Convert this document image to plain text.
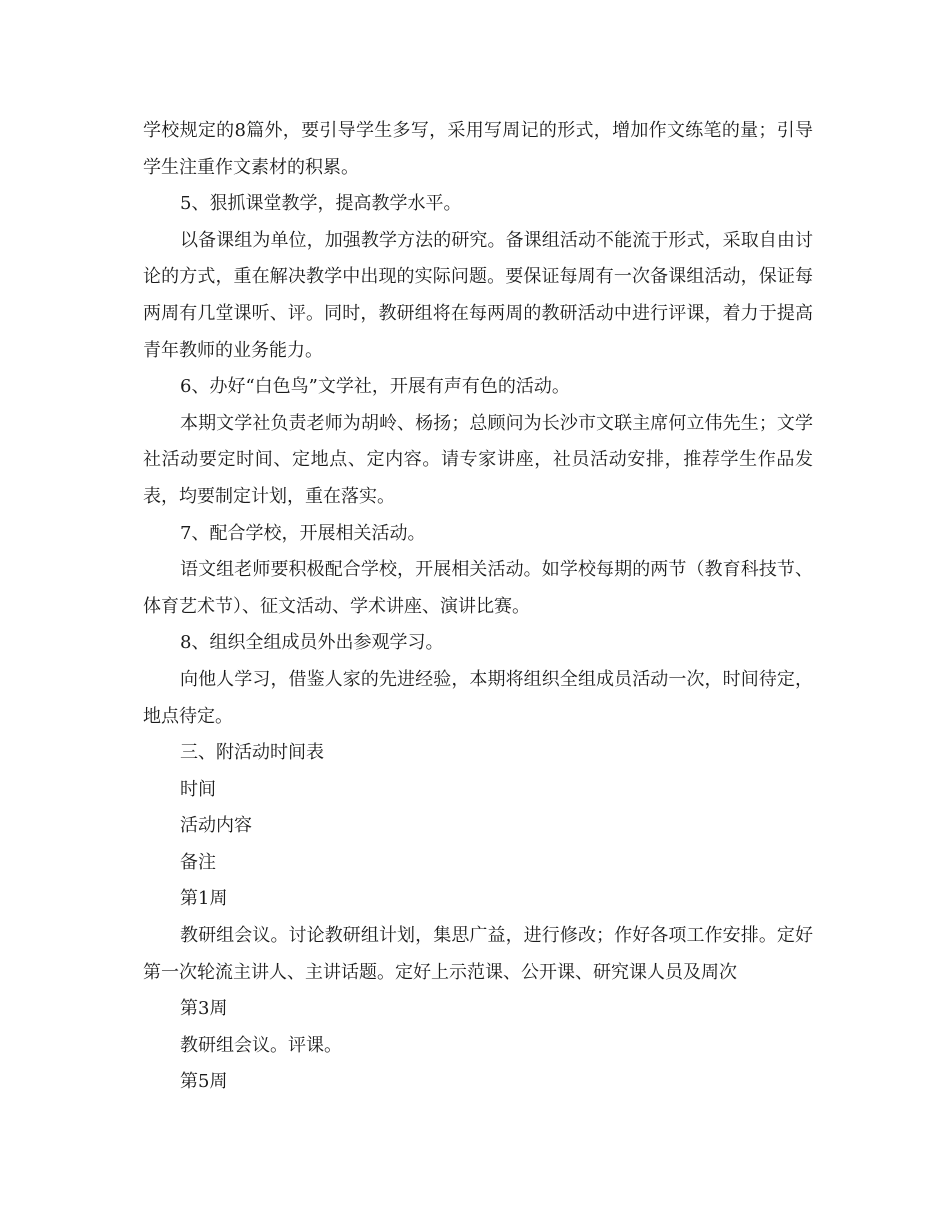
学校规定的8篇外，要引导学生多写，采用写周记的形式，增加作文练笔的量；引导学生注重作文素材的积累。

5、狠抓课堂教学，提高教学水平。

以备课组为单位，加强教学方法的研究。备课组活动不能流于形式，采取自由讨论的方式，重在解决教学中出现的实际问题。要保证每周有一次备课组活动，保证每两周有几堂课听、评。同时，教研组将在每两周的教研活动中进行评课，着力于提高青年教师的业务能力。

6、办好“白色鸟”文学社，开展有声有色的活动。

本期文学社负责老师为胡岭、杨扬；总顾问为长沙市文联主席何立伟先生；文学社活动要定时间、定地点、定内容。请专家讲座，社员活动安排，推荐学生作品发表，均要制定计划，重在落实。

7、配合学校，开展相关活动。

语文组老师要积极配合学校，开展相关活动。如学校每期的两节（教育科技节、体育艺术节）、征文活动、学术讲座、演讲比赛。

8、组织全组成员外出参观学习。

向他人学习，借鉴人家的先进经验，本期将组织全组成员活动一次，时间待定，地点待定。

三、附活动时间表

时间

活动内容

备注

第1周

教研组会议。讨论教研组计划，集思广益，进行修改；作好各项工作安排。定好第一次轮流主讲人、主讲话题。定好上示范课、公开课、研究课人员及周次

第3周

教研组会议。评课。

第5周
